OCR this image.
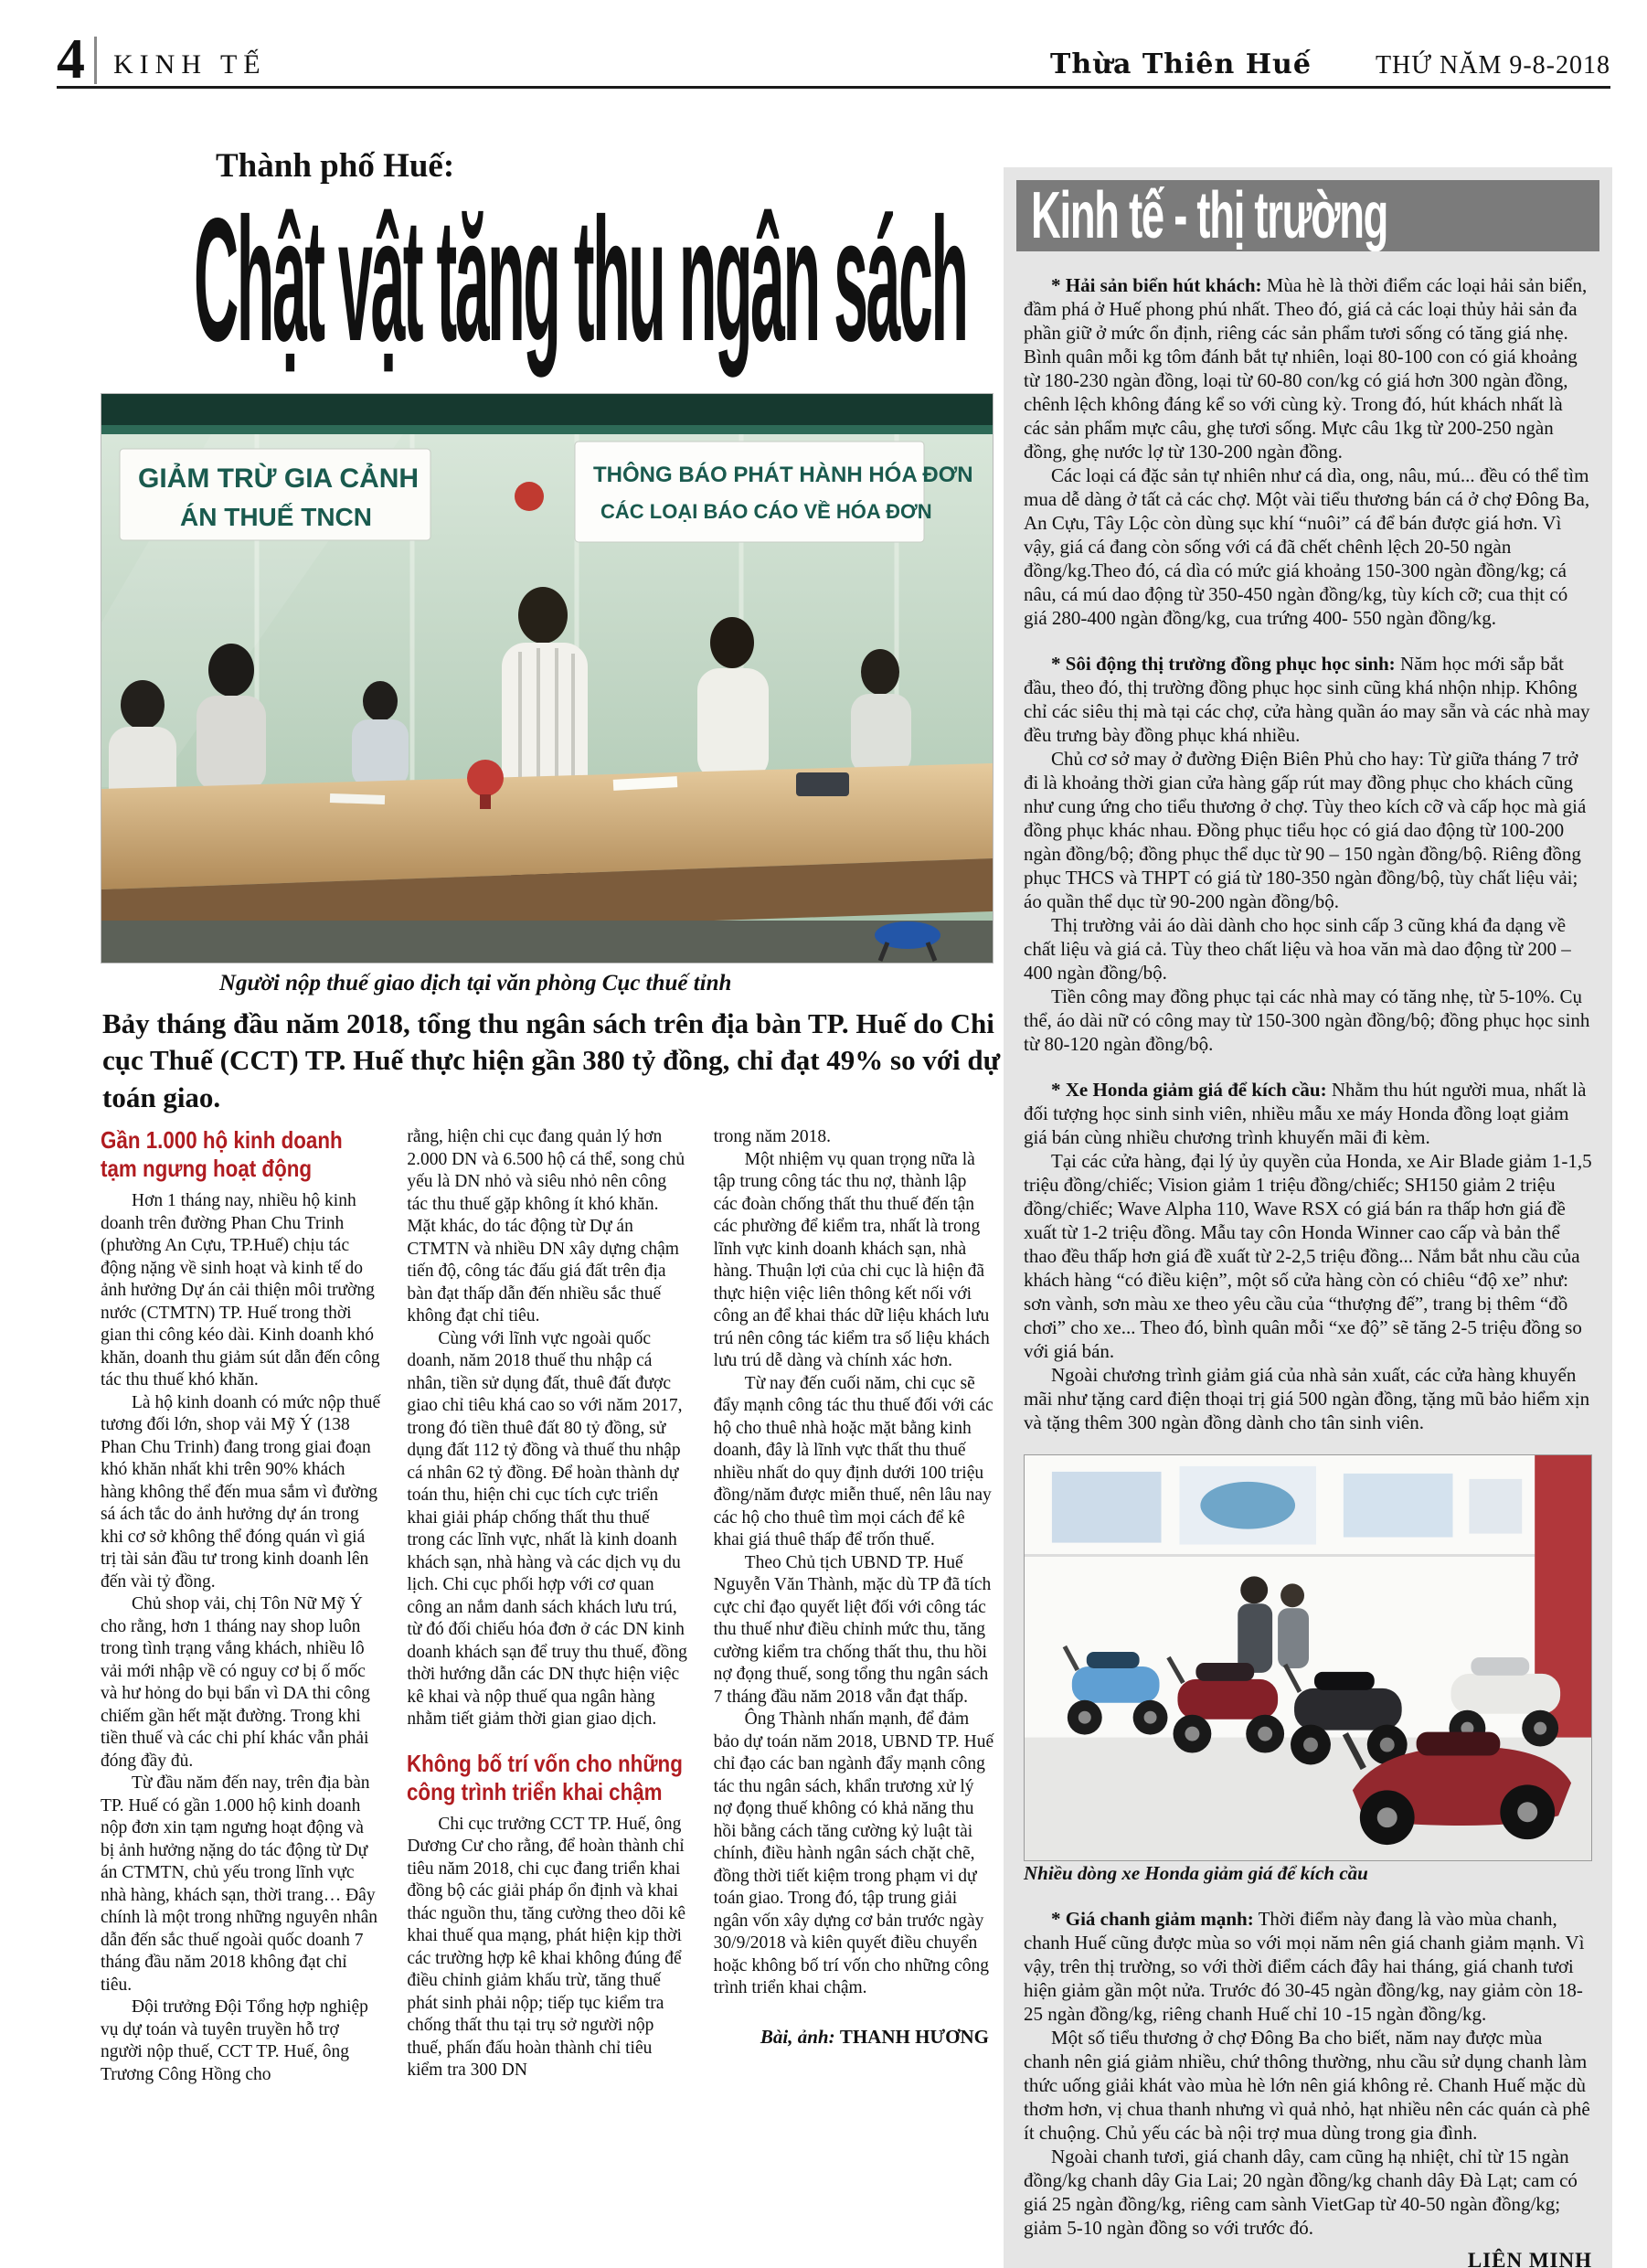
4 KINH TẾ	Thừa Thiên Huế	THỨ NĂM 9-8-2018
Thành phố Huế:
Chật vật tăng thu ngân sách
GIẢM TRỪ GIA CẢNH
ÁN THUẾ TNCN
THÔNG BÁO PHÁT HÀNH HÓA ĐƠN
CÁC LOẠI BÁO CÁO VỀ HÓA ĐƠN
Người nộp thuế giao dịch tại văn phòng Cục thuế tỉnh
Bảy tháng đầu năm 2018, tổng thu ngân sách trên địa bàn TP. Huế do Chi cục Thuế (CCT) TP. Huế thực hiện gần 380 tỷ đồng, chỉ đạt 49% so với dự toán giao.
Gần 1.000 hộ kinh doanh tạm ngưng hoạt động

Hơn 1 tháng nay, nhiều hộ kinh doanh trên đường Phan Chu Trinh (phường An Cựu, TP.Huế) chịu tác động nặng về sinh hoạt và kinh tế do ảnh hưởng Dự án cải thiện môi trường nước (CTMTN) TP. Huế trong thời gian thi công kéo dài. Kinh doanh khó khăn, doanh thu giảm sút dẫn đến công tác thu thuế khó khăn.

Là hộ kinh doanh có mức nộp thuế tương đối lớn, shop vải Mỹ Ý (138 Phan Chu Trinh) đang trong giai đoạn khó khăn nhất khi trên 90% khách hàng không thể đến mua sắm vì đường sá ách tắc do ảnh hưởng dự án trong khi cơ sở không thể đóng quán vì giá trị tài sản đầu tư trong kinh doanh lên đến vài tỷ đồng.

Chủ shop vải, chị Tôn Nữ Mỹ Ý cho rằng, hơn 1 tháng nay shop luôn trong tình trạng vắng khách, nhiều lô vải mới nhập về có nguy cơ bị ố mốc và hư hỏng do bụi bẩn vì DA thi công chiếm gần hết mặt đường. Trong khi tiền thuế và các chi phí khác vẫn phải đóng đầy đủ.

Từ đầu năm đến nay, trên địa bàn TP. Huế có gần 1.000 hộ kinh doanh nộp đơn xin tạm ngưng hoạt động và bị ảnh hưởng nặng do tác động từ Dự án CTMTN, chủ yếu trong lĩnh vực nhà hàng, khách sạn, thời trang… Đây chính là một trong những nguyên nhân dẫn đến sắc thuế ngoài quốc doanh 7 tháng đầu năm 2018 không đạt chỉ tiêu.

Đội trưởng Đội Tổng hợp nghiệp vụ dự toán và tuyên truyền hỗ trợ người nộp thuế, CCT TP. Huế, ông Trương Công Hồng cho

rằng, hiện chi cục đang quản lý hơn 2.000 DN và 6.500 hộ cá thể, song chủ yếu là DN nhỏ và siêu nhỏ nên công tác thu thuế gặp không ít khó khăn. Mặt khác, do tác động từ Dự án CTMTN và nhiều DN xây dựng chậm tiến độ, công tác đấu giá đất trên địa bàn đạt thấp dẫn đến nhiều sắc thuế không đạt chỉ tiêu.

Cùng với lĩnh vực ngoài quốc doanh, năm 2018 thuế thu nhập cá nhân, tiền sử dụng đất, thuê đất được giao chỉ tiêu khá cao so với năm 2017, trong đó tiền thuê đất 80 tỷ đồng, sử dụng đất 112 tỷ đồng và thuế thu nhập cá nhân 62 tỷ đồng. Để hoàn thành dự toán thu, hiện chi cục tích cực triển khai giải pháp chống thất thu thuế trong các lĩnh vực, nhất là kinh doanh khách sạn, nhà hàng và các dịch vụ du lịch. Chi cục phối hợp với cơ quan công an nắm danh sách khách lưu trú, từ đó đối chiếu hóa đơn ở các DN kinh doanh khách sạn để truy thu thuế, đồng thời hướng dẫn các DN thực hiện việc kê khai và nộp thuế qua ngân hàng nhằm tiết giảm thời gian giao dịch.

Không bố trí vốn cho những công trình triển khai chậm

Chi cục trưởng CCT TP. Huế, ông Dương Cư cho rằng, để hoàn thành chỉ tiêu năm 2018, chi cục đang triển khai đồng bộ các giải pháp ổn định và khai thác nguồn thu, tăng cường theo dõi kê khai thuế qua mạng, phát hiện kịp thời các trường hợp kê khai không đúng để điều chỉnh giảm khấu trừ, tăng thuế phát sinh phải nộp; tiếp tục kiểm tra chống thất thu tại trụ sở người nộp thuế, phấn đấu hoàn thành chỉ tiêu kiểm tra 300 DN

trong năm 2018.

Một nhiệm vụ quan trọng nữa là tập trung công tác thu nợ, thành lập các đoàn chống thất thu thuế đến tận các phường để kiểm tra, nhất là trong lĩnh vực kinh doanh khách sạn, nhà hàng. Thuận lợi của chi cục là hiện đã thực hiện việc liên thông kết nối với công an để khai thác dữ liệu khách lưu trú nên công tác kiểm tra số liệu khách lưu trú dễ dàng và chính xác hơn.

Từ nay đến cuối năm, chi cục sẽ đẩy mạnh công tác thu thuế đối với các hộ cho thuê nhà hoặc mặt bằng kinh doanh, đây là lĩnh vực thất thu thuế nhiều nhất do quy định dưới 100 triệu đồng/năm được miễn thuế, nên lâu nay các hộ cho thuê tìm mọi cách để kê khai giá thuê thấp để trốn thuế.

Theo Chủ tịch UBND TP. Huế Nguyễn Văn Thành, mặc dù TP đã tích cực chỉ đạo quyết liệt đối với công tác thu thuế như điều chỉnh mức thu, tăng cường kiểm tra chống thất thu, thu hồi nợ đọng thuế, song tổng thu ngân sách 7 tháng đầu năm 2018 vẫn đạt thấp.

Ông Thành nhấn mạnh, để đảm bảo dự toán năm 2018, UBND TP. Huế chỉ đạo các ban ngành đẩy mạnh công tác thu ngân sách, khẩn trương xử lý nợ đọng thuế không có khả năng thu hồi bằng cách tăng cường kỷ luật tài chính, điều hành ngân sách chặt chẽ, đồng thời tiết kiệm trong phạm vi dự toán giao. Trong đó, tập trung giải ngân vốn xây dựng cơ bản trước ngày 30/9/2018 và kiên quyết điều chuyển hoặc không bố trí vốn cho những công trình triển khai chậm.

Bài, ảnh: THANH HƯƠNG
Kinh tế - thị trường

* Hải sản biển hút khách: Mùa hè là thời điểm các loại hải sản biển, đầm phá ở Huế phong phú nhất. Theo đó, giá cả các loại thủy hải sản đa phần giữ ở mức ổn định, riêng các sản phẩm tươi sống có tăng giá nhẹ. Bình quân mỗi kg tôm đánh bắt tự nhiên, loại 80-100 con có giá khoảng từ 180-230 ngàn đồng, loại từ 60-80 con/kg có giá hơn 300 ngàn đồng, chênh lệch không đáng kể so với cùng kỳ. Trong đó, hút khách nhất là các sản phẩm mực câu, ghẹ tươi sống. Mực câu 1kg từ 200-250 ngàn đồng, ghẹ nước lợ từ 130-200 ngàn đồng.

Các loại cá đặc sản tự nhiên như cá dìa, ong, nâu, mú... đều có thể tìm mua dễ dàng ở tất cả các chợ. Một vài tiểu thương bán cá ở chợ Đông Ba, An Cựu, Tây Lộc còn dùng sục khí “nuôi” cá để bán được giá hơn. Vì vậy, giá cá đang còn sống với cá đã chết chênh lệch 20-50 ngàn đồng/kg.Theo đó, cá dìa có mức giá khoảng 150-300 ngàn đồng/kg; cá nâu, cá mú dao động từ 350-450 ngàn đồng/kg, tùy kích cỡ; cua thịt có giá 280-400 ngàn đồng/kg, cua trứng 400- 550 ngàn đồng/kg.

* Sôi động thị trường đồng phục học sinh: Năm học mới sắp bắt đầu, theo đó, thị trường đồng phục học sinh cũng khá nhộn nhịp. Không chỉ các siêu thị mà tại các chợ, cửa hàng quần áo may sẵn và các nhà may đều trưng bày đồng phục khá nhiều.

Chủ cơ sở may ở đường Điện Biên Phủ cho hay: Từ giữa tháng 7 trở đi là khoảng thời gian cửa hàng gấp rút may đồng phục cho khách cũng như cung ứng cho tiểu thương ở chợ. Tùy theo kích cỡ và cấp học mà giá đồng phục khác nhau. Đồng phục tiểu học có giá dao động từ 100-200 ngàn đồng/bộ; đồng phục thể dục từ 90 – 150 ngàn đồng/bộ. Riêng đồng phục THCS và THPT có giá từ 180-350 ngàn đồng/bộ, tùy chất liệu vải; áo quần thể dục từ 90-200 ngàn đồng/bộ.

Thị trường vải áo dài dành cho học sinh cấp 3 cũng khá đa dạng về chất liệu và giá cả. Tùy theo chất liệu và hoa văn mà dao động từ 200 – 400 ngàn đồng/bộ.

Tiền công may đồng phục tại các nhà may có tăng nhẹ, từ 5-10%. Cụ thể, áo dài nữ có công may từ 150-300 ngàn đồng/bộ; đồng phục học sinh từ 80-120 ngàn đồng/bộ.

* Xe Honda giảm giá để kích cầu: Nhằm thu hút người mua, nhất là đối tượng học sinh sinh viên, nhiều mẫu xe máy Honda đồng loạt giảm giá bán cùng nhiều chương trình khuyến mãi đi kèm.

Tại các cửa hàng, đại lý ủy quyền của Honda, xe Air Blade giảm 1-1,5 triệu đồng/chiếc; Vision giảm 1 triệu đồng/chiếc; SH150 giảm 2 triệu đồng/chiếc; Wave Alpha 110, Wave RSX có giá bán ra thấp hơn giá đề xuất từ 1-2 triệu đồng. Mẫu tay côn Honda Winner cao cấp và bản thể thao đều thấp hơn giá đề xuất từ 2-2,5 triệu đồng... Nắm bắt nhu cầu của khách hàng “có điều kiện”, một số cửa hàng còn có chiêu “độ xe” như: sơn vành, sơn màu xe theo yêu cầu của “thượng đế”, trang bị thêm “đồ chơi” cho xe... Theo đó, bình quân mỗi “xe độ” sẽ tăng 2-5 triệu đồng so với giá bán.

Ngoài chương trình giảm giá của nhà sản xuất, các cửa hàng khuyến mãi như tặng card điện thoại trị giá 500 ngàn đồng, tặng mũ bảo hiểm xịn và tặng thêm 300 ngàn đồng dành cho tân sinh viên.

Nhiều dòng xe Honda giảm giá để kích cầu

* Giá chanh giảm mạnh: Thời điểm này đang là vào mùa chanh, chanh Huế cũng được mùa so với mọi năm nên giá chanh giảm mạnh. Vì vậy, trên thị trường, so với thời điểm cách đây hai tháng, giá chanh tươi hiện giảm gần một nửa. Trước đó 30-45 ngàn đồng/kg, nay giảm còn 18-25 ngàn đồng/kg, riêng chanh Huế chỉ 10 -15 ngàn đồng/kg.

Một số tiểu thương ở chợ Đông Ba cho biết, năm nay được mùa chanh nên giá giảm nhiều, chứ thông thường, nhu cầu sử dụng chanh làm thức uống giải khát vào mùa hè lớn nên giá không rẻ. Chanh Huế mặc dù thơm hơn, vị chua thanh nhưng vì quả nhỏ, hạt nhiều nên các quán cà phê ít chuộng. Chủ yếu các bà nội trợ mua dùng trong gia đình.

Ngoài chanh tươi, giá chanh dây, cam cũng hạ nhiệt, chỉ từ 15 ngàn đồng/kg chanh dây Gia Lai; 20 ngàn đồng/kg chanh dây Đà Lạt; cam có giá 25 ngàn đồng/kg, riêng cam sành VietGap từ 40-50 ngàn đồng/kg; giảm 5-10 ngàn đồng so với trước đó.

LIÊN MINH
